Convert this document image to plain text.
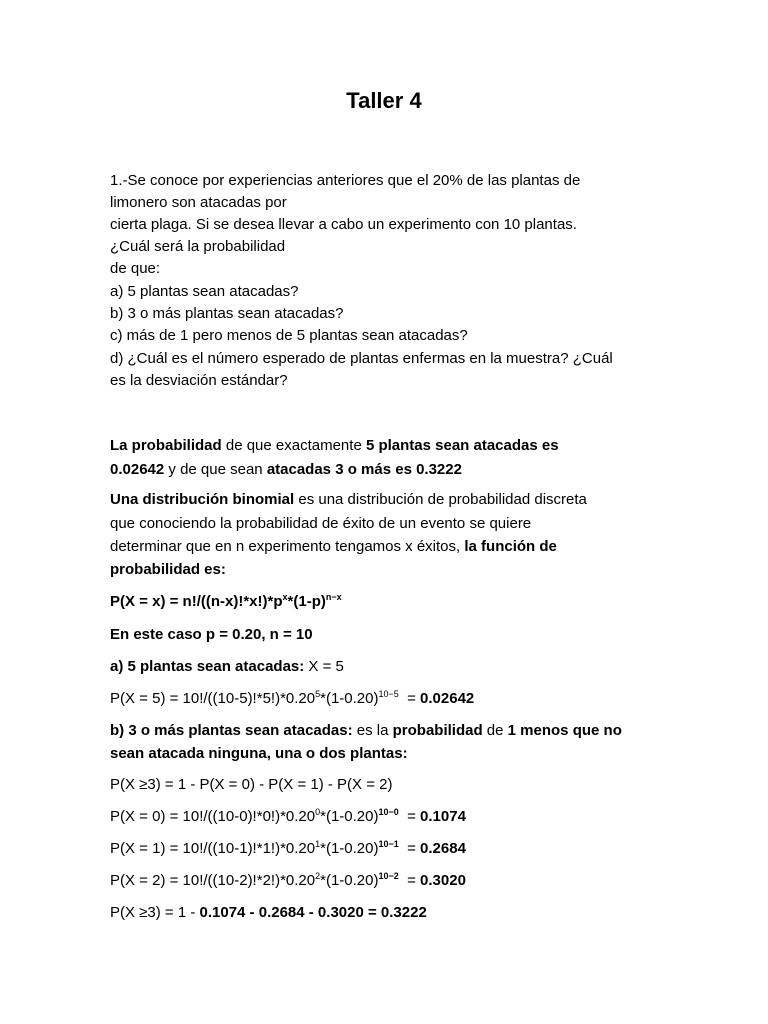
Taller 4
1.-Se conoce por experiencias anteriores que el 20% de las plantas de
limonero son atacadas por
cierta plaga. Si se desea llevar a cabo un experimento con 10 plantas.
¿Cuál será la probabilidad
de que:
a) 5 plantas sean atacadas?
b) 3 o más plantas sean atacadas?
c) más de 1 pero menos de 5 plantas sean atacadas?
d) ¿Cuál es el número esperado de plantas enfermas en la muestra? ¿Cuál
es la desviación estándar?
La probabilidad de que exactamente 5 plantas sean atacadas es
0.02642 y de que sean atacadas 3 o más es 0.3222
Una distribución binomial es una distribución de probabilidad discreta
que conociendo la probabilidad de éxito de un evento se quiere
determinar que en n experimento tengamos x éxitos, la función de
probabilidad es:
$P(X = x) = n!/((n-x)!*x!)*p^x*(1-p)^{n-x}$
En este caso p = 0.20, n = 10
a) 5 plantas sean atacadas: X = 5
$P(X = 5) = 10!/((10-5)!*5!)*0.20^5*(1-0.20)^{10-5} = 0.02642$
b) 3 o más plantas sean atacadas: es la probabilidad de 1 menos que no
sean atacada ninguna, una o dos plantas:
P(X ≥3) = 1 - P(X = 0) - P(X = 1) - P(X = 2)
$P(X = 0) = 10!/((10-0)!*0!)*0.20^0*(1-0.20)^{10-0} = 0.1074$
$P(X = 1) = 10!/((10-1)!*1!)*0.20^1*(1-0.20)^{10-1} = 0.2684$
$P(X = 2) = 10!/((10-2)!*2!)*0.20^2*(1-0.20)^{10-2} = 0.3020$
P(X ≥3) = 1 - 0.1074 - 0.2684 - 0.3020 = 0.3222
